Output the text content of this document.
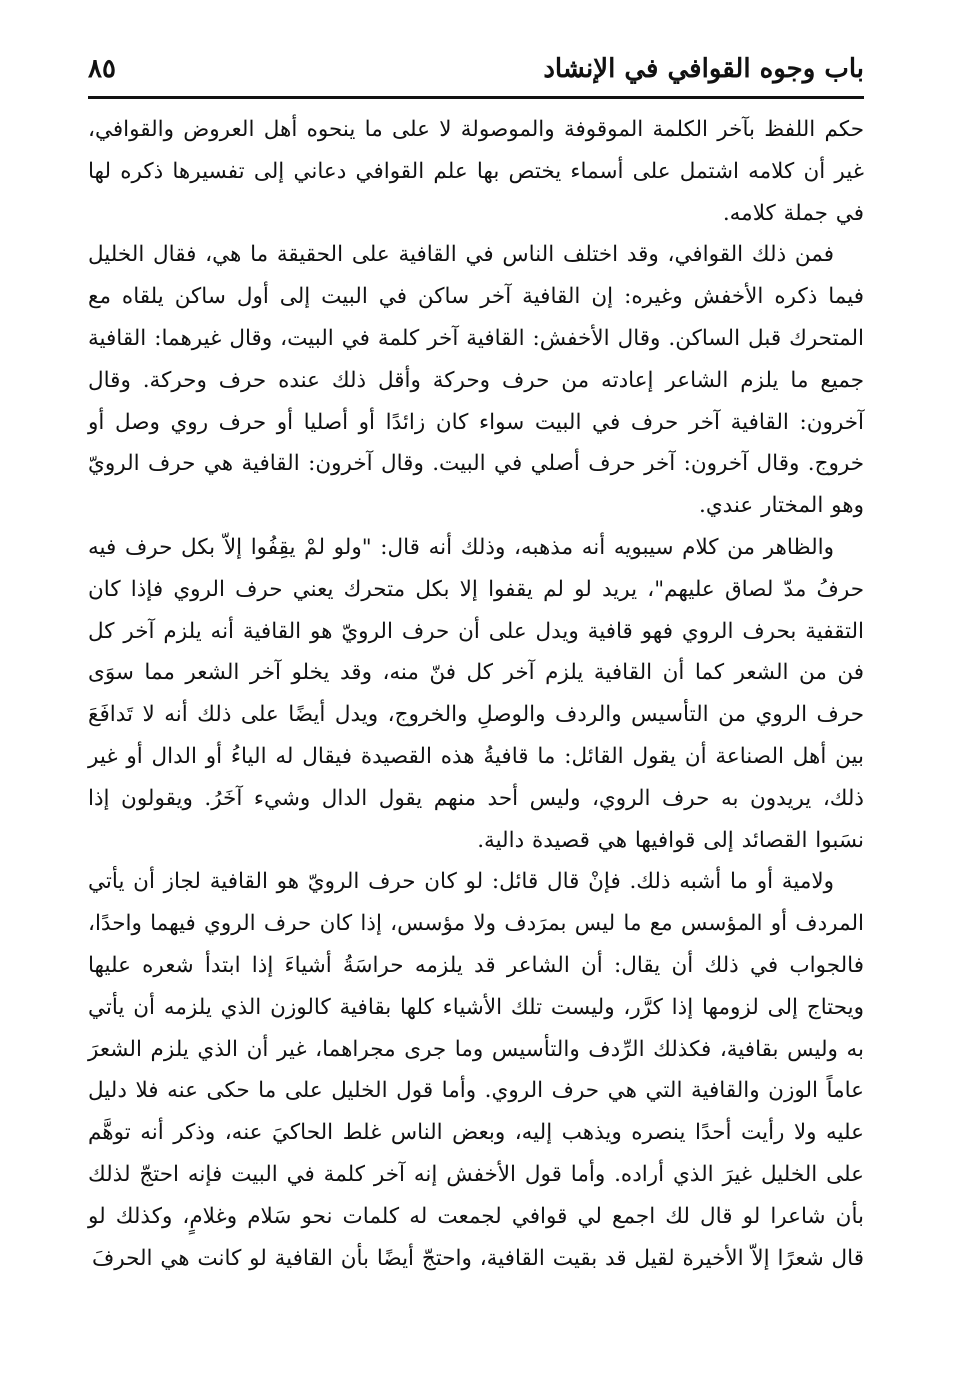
باب وجوه القوافي في الإنشاد
٨٥

حكم اللفظ بآخر الكلمة الموقوفة والموصولة لا على ما ينحوه أهل العروض والقوافي، غير أن كلامه اشتمل على أسماء يختص بها علم القوافي دعاني إلى تفسيرها ذكره لها في جملة كلامه.

فمن ذلك القوافي، وقد اختلف الناس في القافية على الحقيقة ما هي، فقال الخليل فيما ذكره الأخفش وغيره: إن القافية آخر ساكن في البيت إلى أول ساكن يلقاه مع المتحرك قبل الساكن. وقال الأخفش: القافية آخر كلمة في البيت، وقال غيرهما: القافية جميع ما يلزم الشاعر إعادته من حرف وحركة وأقل ذلك عنده حرف وحركة. وقال آخرون: القافية آخر حرف في البيت سواء كان زائدًا أو أصليا أو حرف روي وصل أو خروج. وقال آخرون: آخر حرف أصلي في البيت. وقال آخرون: القافية هي حرف الرويّ وهو المختار عندي.

والظاهر من كلام سيبويه أنه مذهبه، وذلك أنه قال: "ولو لمْ يقِفُوا إلاّ بكل حرف فيه حرفُ مدّ لصاق عليهم"، يريد لو لم يقفوا إلا بكل متحرك يعني حرف الروي فإذا كان التقفية بحرف الروي فهو قافية ويدل على أن حرف الرويّ هو القافية أنه يلزم آخر كل فن من الشعر كما أن القافية يلزم آخر كل فنّ منه، وقد يخلو آخر الشعر مما سوَى حرف الروي من التأسيس والردف والوصلِ والخروج، ويدل أيضًا على ذلك أنه لا تَدافَعَ بين أهل الصناعة أن يقول القائل: ما قافيةُ هذه القصيدة فيقال له الياءُ أو الدال أو غير ذلك، يريدون به حرف الروي، وليس أحد منهم يقول الدال وشيء آخَرُ. ويقولون إذا نسَبوا القصائد إلى قوافيها هي قصيدة دالية.

ولامية أو ما أشبه ذلك. فإنْ قال قائل: لو كان حرف الرويّ هو القافية لجاز أن يأتي المردف أو المؤسس مع ما ليس بمرَدف ولا مؤسس، إذا كان حرف الروي فيهما واحدًا، فالجواب في ذلك أن يقال: أن الشاعر قد يلزمه حراسَةُ أشياءَ إذا ابتدأ شعره عليها ويحتاج إلى لزومها إذا كرَّر، وليست تلك الأشياء كلها بقافية كالوزن الذي يلزمه أن يأتي به وليس بقافية، فكذلك الرِّدف والتأسيس وما جرى مجراهما، غير أن الذي يلزم الشعرَ عاماً الوزن والقافية التي هي حرف الروي. وأما قول الخليل على ما حكى عنه فلا دليل عليه ولا رأيت أحدًا ينصره ويذهب إليه، وبعض الناس غلط الحاكيَ عنه، وذكر أنه توهَّم على الخليل غيرَ الذي أراده. وأما قول الأخفش إنه آخر كلمة في البيت فإنه احتجّ لذلك بأن شاعرا لو قال لك اجمع لي قوافي لجمعت له كلمات نحو سَلام وغلامٍ، وكذلك لو قال شعرًا إلاّ الأخيرة لقيل قد بقيت القافية، واحتجّ أيضًا بأن القافية لو كانت هي الحرفَ
